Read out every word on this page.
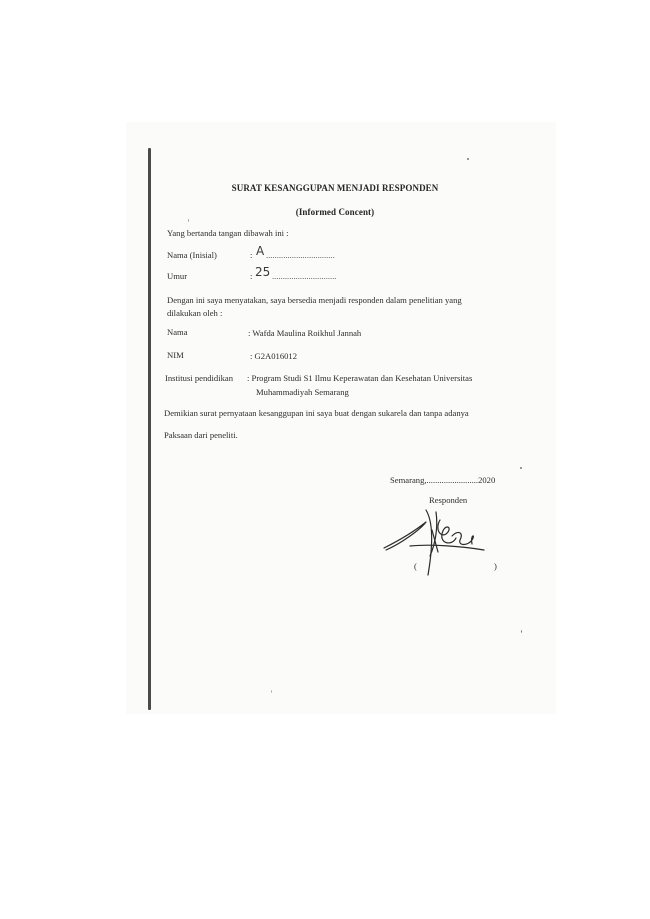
SURAT KESANGGUPAN MENJADI RESPONDEN
(Informed Concent)
Yang bertanda tangan dibawah ini :
Nama (Inisial)	: A ................................
Umur	: 25 ..............................
Dengan ini saya menyatakan, saya bersedia menjadi responden dalam penelitian yang
dilakukan oleh :
Nama	: Wafda Maulina Roikhul Jannah
NIM	: G2A016012
Institusi pendidikan : Program Studi S1 Ilmu Keperawatan dan Kesehatan Universitas
Muhammadiyah Semarang
Demikian surat pernyataan kesanggupan ini saya buat dengan sukarela dan tanpa adanya
Paksaan dari peneliti.
Semarang,........................2020
Responden
(	)
